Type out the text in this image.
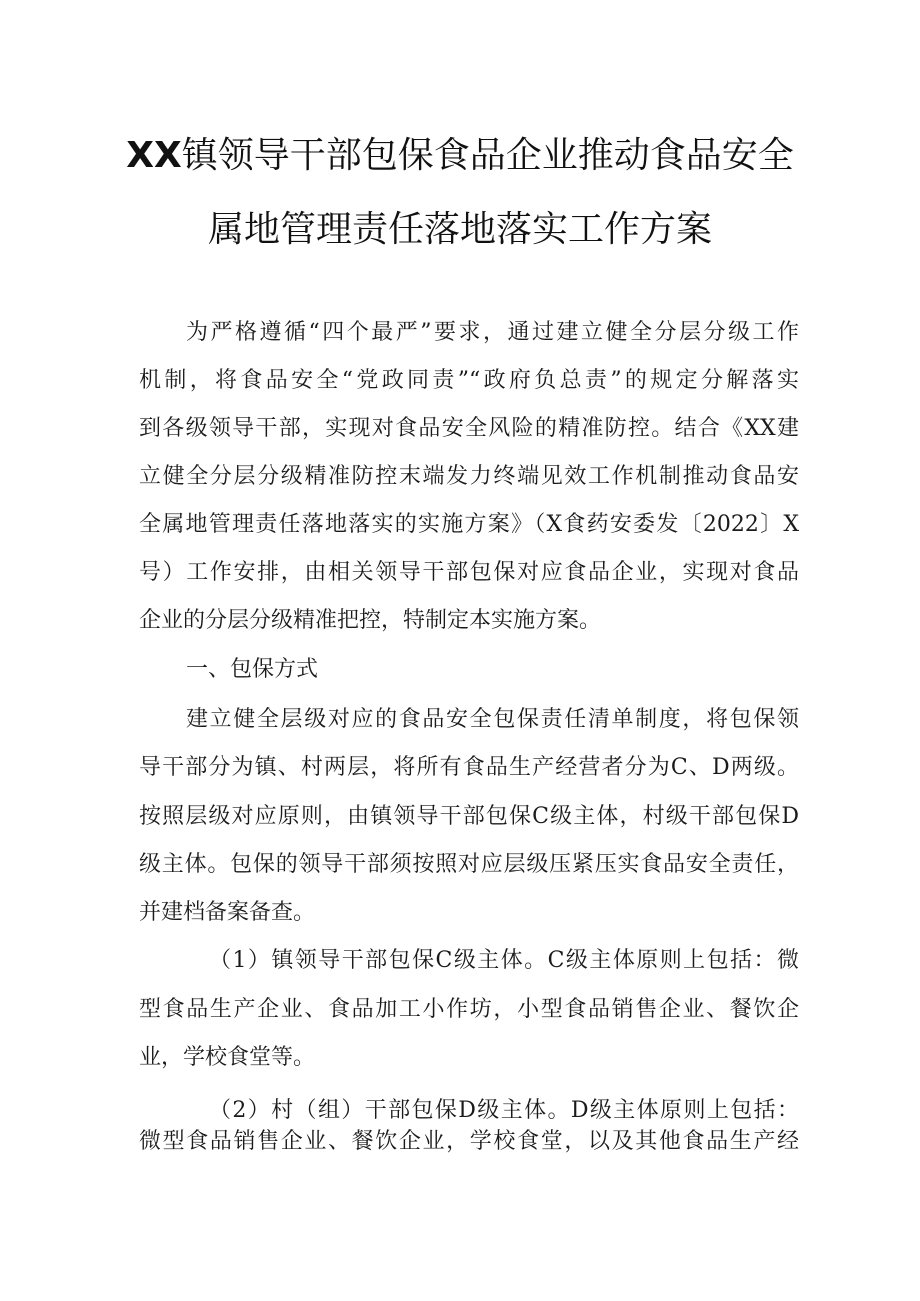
XX镇领导干部包保食品企业推动食品安全
属地管理责任落地落实工作方案
为严格遵循“四个最严”要求，通过建立健全分层分级工作
机制，将食品安全“党政同责”“政府负总责”的规定分解落实
到各级领导干部，实现对食品安全风险的精准防控。结合《XX建
立健全分层分级精准防控末端发力终端见效工作机制推动食品安
全属地管理责任落地落实的实施方案》（X食药安委发〔2022〕X
号）工作安排，由相关领导干部包保对应食品企业，实现对食品
企业的分层分级精准把控，特制定本实施方案。
一、包保方式
建立健全层级对应的食品安全包保责任清单制度，将包保领
导干部分为镇、村两层，将所有食品生产经营者分为C、D两级。
按照层级对应原则，由镇领导干部包保C级主体，村级干部包保D
级主体。包保的领导干部须按照对应层级压紧压实食品安全责任，
并建档备案备查。
（1）镇领导干部包保C级主体。C级主体原则上包括：微
型食品生产企业、食品加工小作坊，小型食品销售企业、餐饮企
业，学校食堂等。
（2）村（组）干部包保D级主体。D级主体原则上包括：
微型食品销售企业、餐饮企业，学校食堂，以及其他食品生产经
